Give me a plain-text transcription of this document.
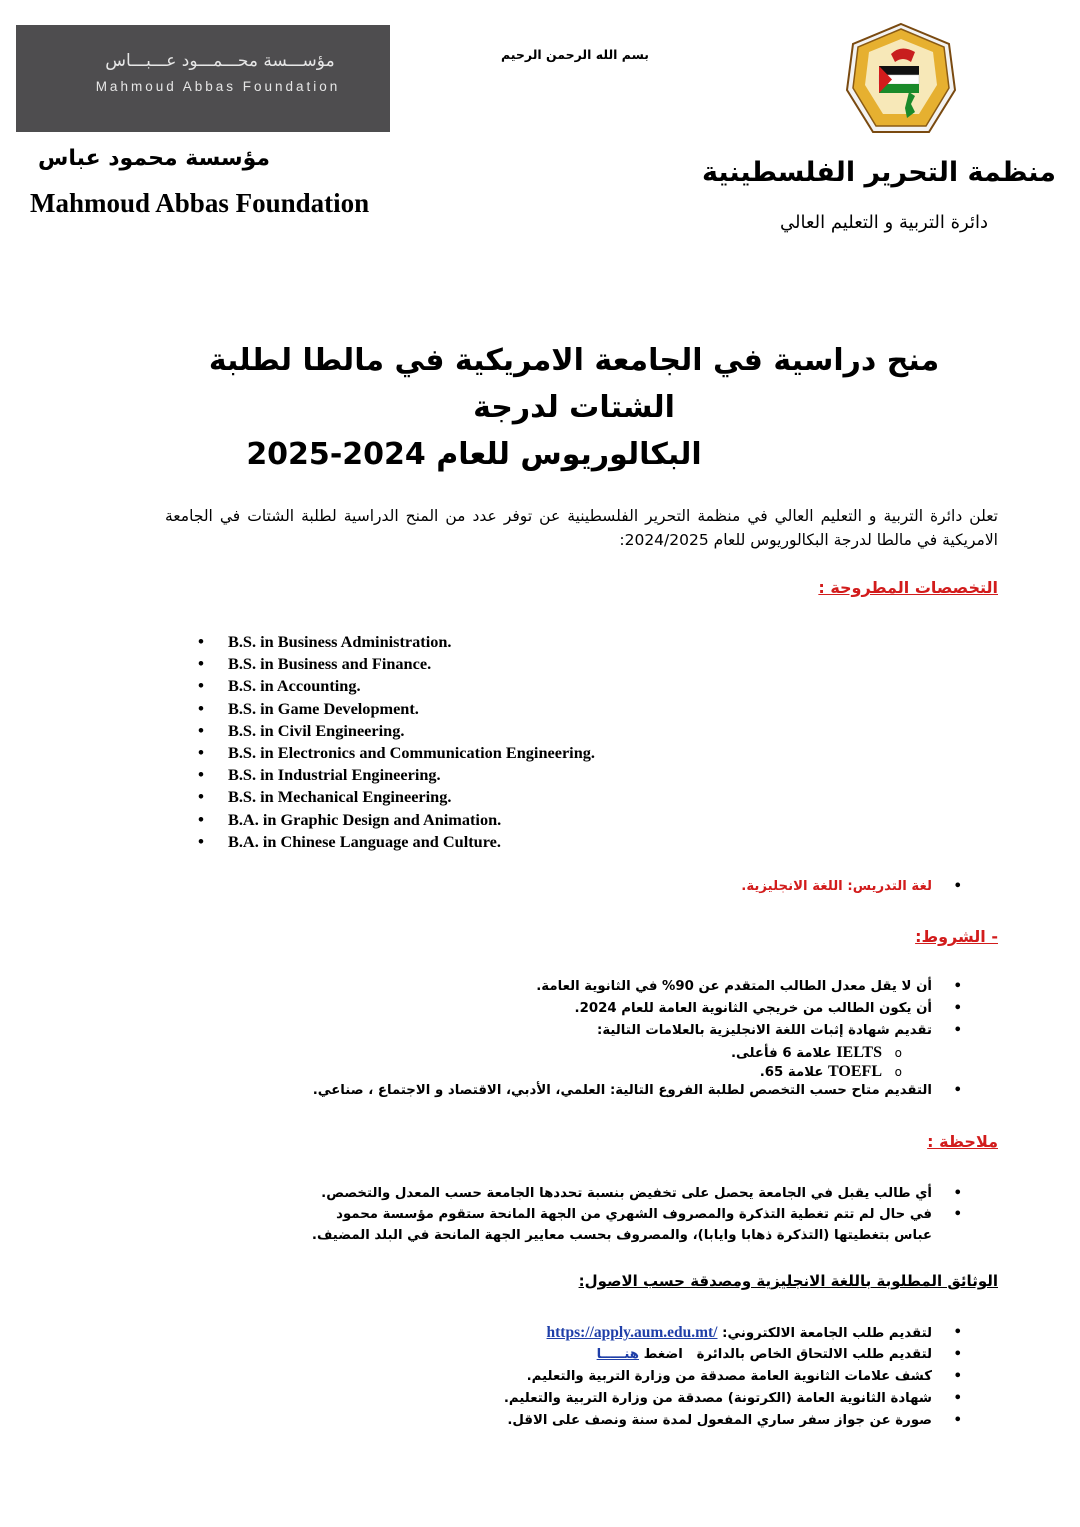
مؤســـسة محـــمـــود عـــبـــاس
Mahmoud Abbas Foundation
بسم الله الرحمن الرحيم
مؤسسة محمود عباس
Mahmoud Abbas Foundation
منظمة التحرير الفلسطينية
دائرة التربية و التعليم العالي
منح دراسية في الجامعة الامريكية في مالطا لطلبة الشتات لدرجة
البكالوريوس للعام 2024-2025
تعلن دائرة التربية و التعليم العالي في منظمة التحرير الفلسطينية عن توفر عدد من المنح الدراسية لطلبة الشتات في الجامعة الامريكية في مالطا لدرجة البكالوريوس للعام 2024/2025:
التخصصات المطروحة :
• B.S. in Business Administration.
• B.S. in Business and Finance.
• B.S. in Accounting.
• B.S. in Game Development.
• B.S. in Civil Engineering.
• B.S. in Electronics and Communication Engineering.
• B.S. in Industrial Engineering.
• B.S. in Mechanical Engineering.
• B.A. in Graphic Design and Animation.
• B.A. in Chinese Language and Culture.
•
لغة التدريس: اللغة الانجليزية.
- الشروط:
•
أن لا يقل معدل الطالب المتقدم عن 90% في الثانوية العامة.
•
أن يكون الطالب من خريجي الثانوية العامة للعام 2024.
•
تقديم شهادة إثبات اللغة الانجليزية بالعلامات التالية:
o
IELTS علامة 6 فأعلى.
o
TOEFL علامة 65.
•
التقديم متاح حسب التخصص لطلبة الفروع التالية: العلمي، الأدبي، الاقتصاد و الاجتماع ، صناعي.
ملاحظة :
•
أي طالب يقبل في الجامعة يحصل على تخفيض بنسبة تحددها الجامعة حسب المعدل والتخصص.
•
في حال لم تتم تغطية التذكرة والمصروف الشهري من الجهة المانحة ستقوم مؤسسة محمود عباس بتغطيتها (التذكرة ذهابا وايابا)، والمصروف بحسب معايير الجهة المانحة في البلد المضيف.
الوثائق المطلوبة باللغة الانجليزية ومصدقة حسب الاصول:
•
لتقديم طلب الجامعة الالكتروني: https://apply.aum.edu.mt/
•
لتقديم طلب الالتحاق الخاص بالدائرة   اضغط هنـــــا
•
كشف علامات الثانوية العامة مصدقة من وزارة التربية والتعليم.
•
شهادة الثانوية العامة (الكرتونة) مصدقة من وزارة التربية والتعليم.
•
صورة عن جواز سفر ساري المفعول لمدة سنة ونصف على الاقل.
